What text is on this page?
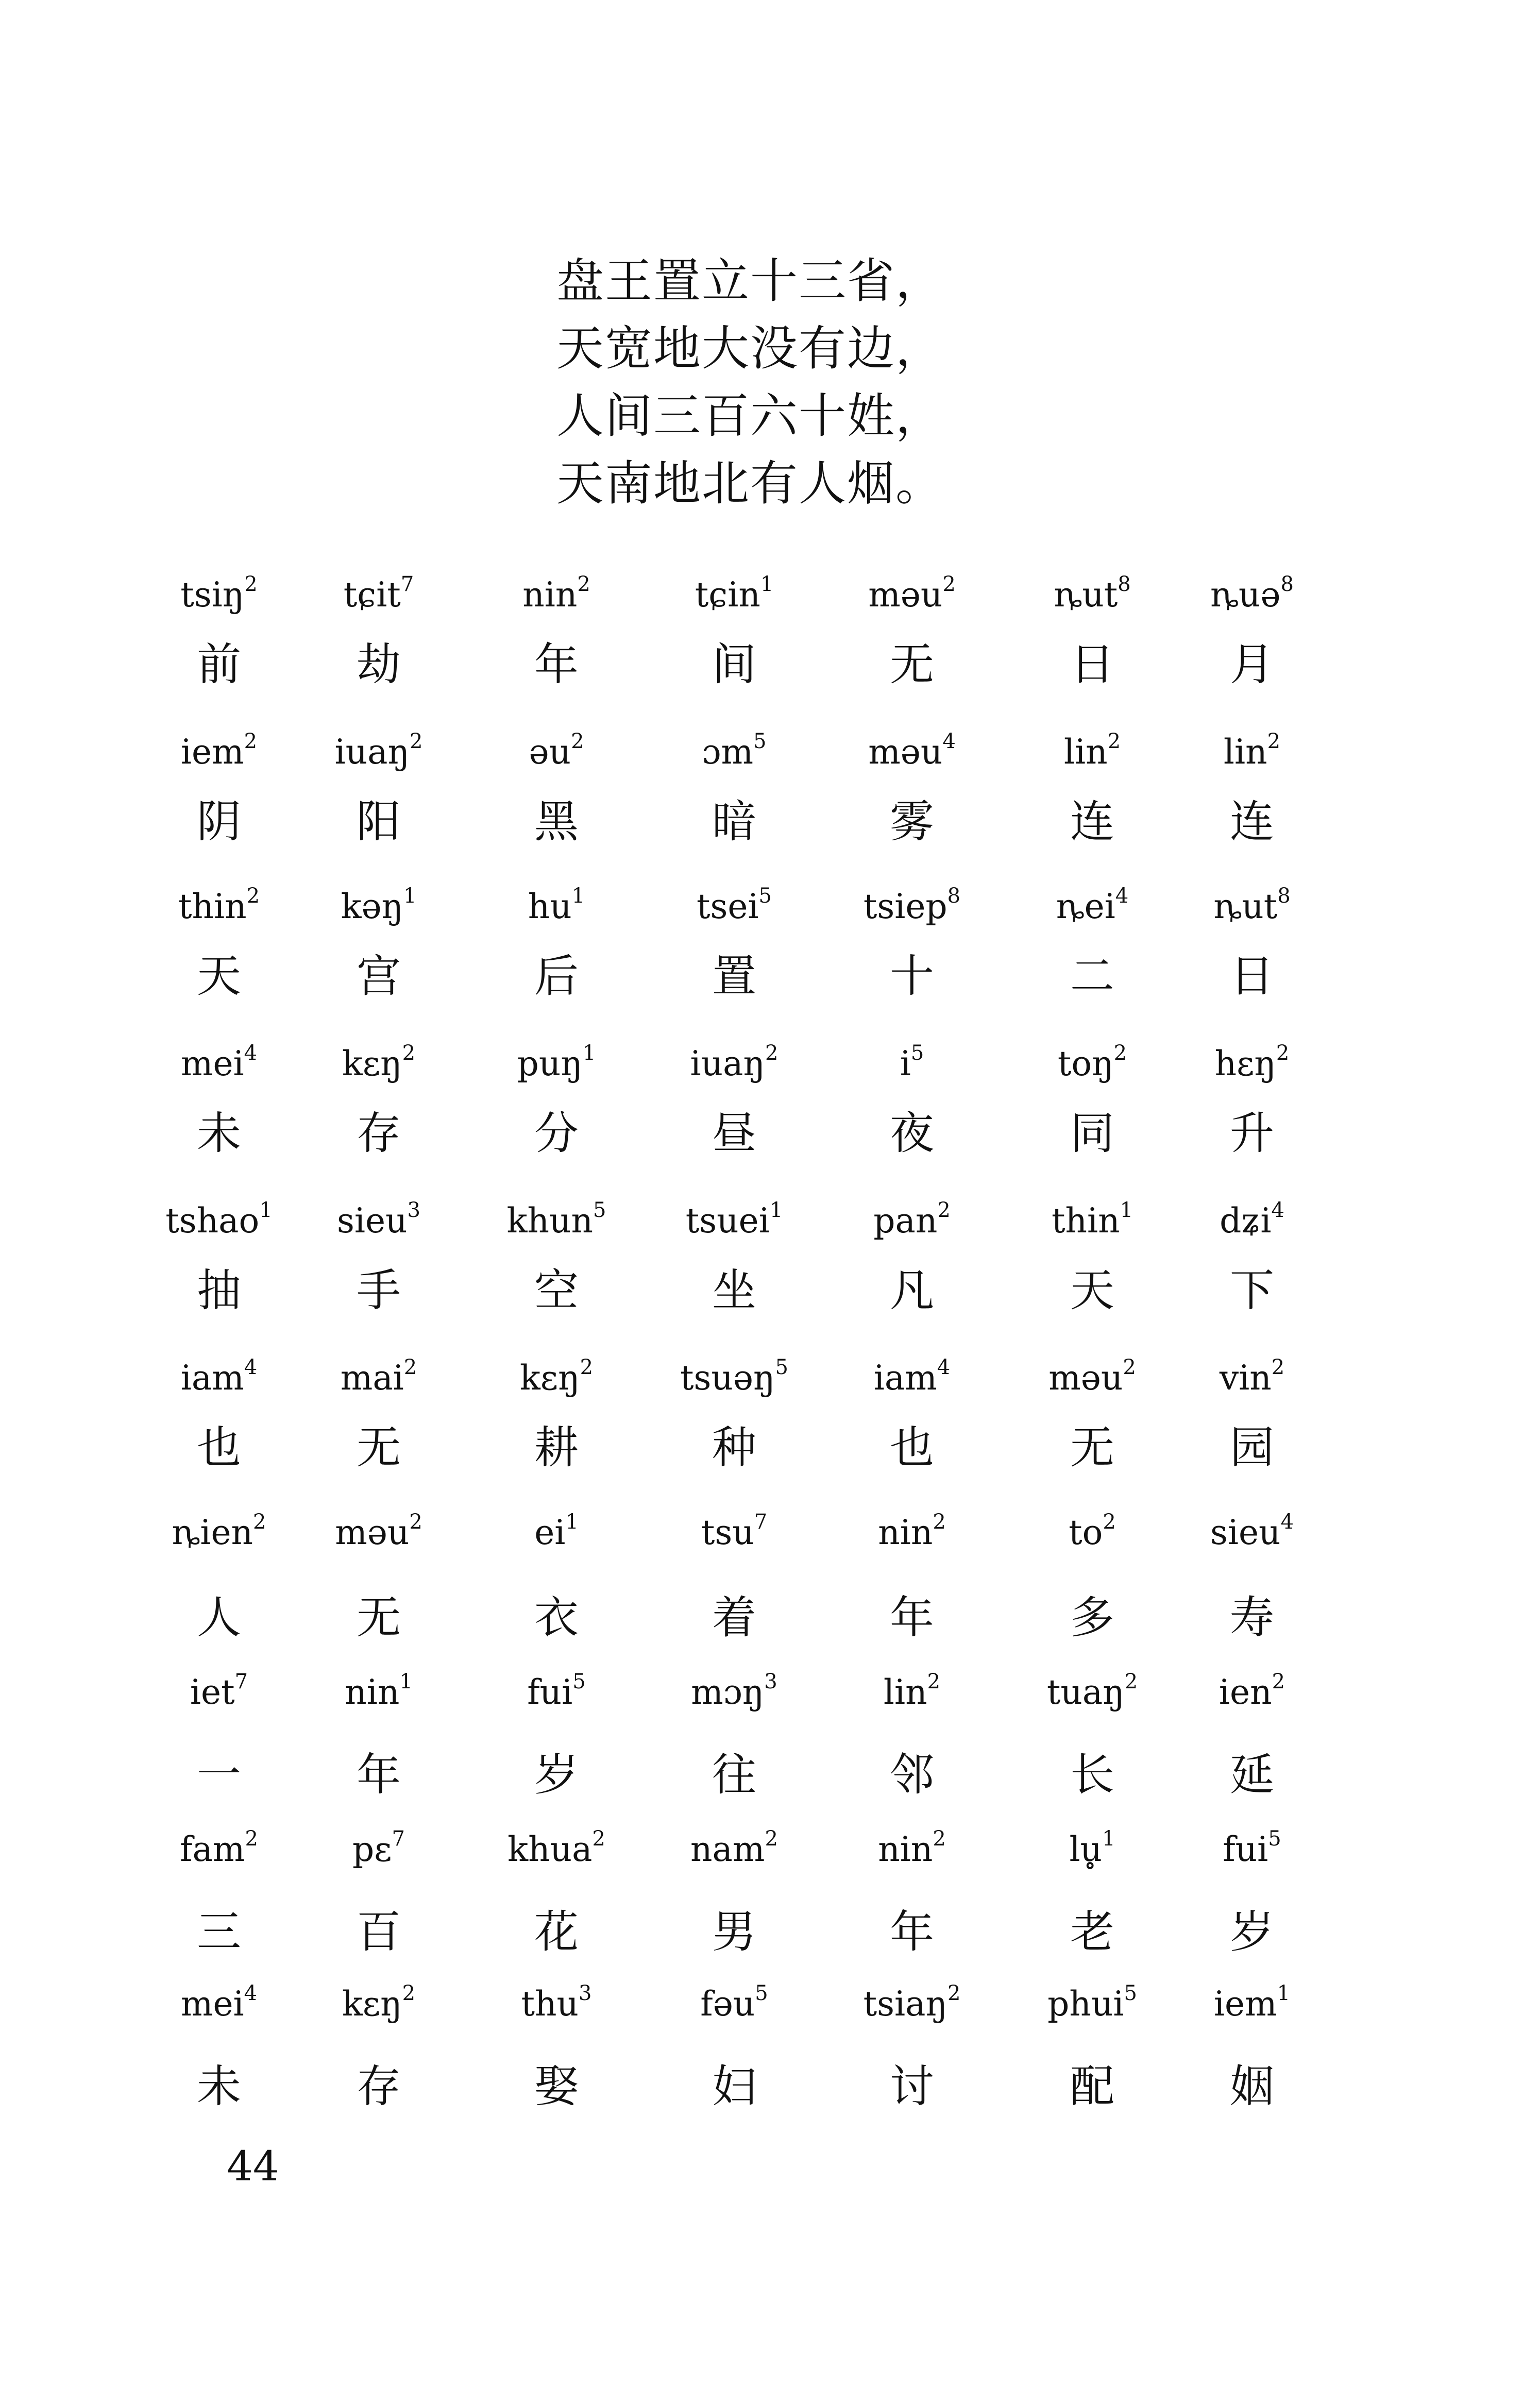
盘王置立十三省，
天宽地大没有边，
人间三百六十姓，
天南地北有人烟。
tsiŋ$^2$	tɕit$^7$	nin$^2$	tɕin$^1$	məu$^2$	ȵut$^8$	ȵuə$^8$
前	劫	年	间	无	日	月
iem$^2$	iuaŋ$^2$	əu$^2$	ɔm$^5$	məu$^4$	lin$^2$	lin$^2$
阴	阳	黑	暗	雾	连	连
thin$^2$	kəŋ$^1$	$hu^1$	tsei$^5$	tsiep$^8$	ȵei$^4$	ȵut$^8$
天	宫	后	置	十	二	日
mei$^4$	kɛŋ$^2$	puŋ$^1$	iuaŋ$^2$	$i^5$	toŋ$^2$	hɛŋ$^2$
未	存	分	昼	夜	同	升
tshao$^1$	sieu$^3$	khun$^5$	tsuei$^1$	pan$^2$	thin$^1$	dʑi$^4$
抽	手	空	坐	凡	天	下
iam$^4$	mai$^2$	kɛŋ$^2$	tsuəŋ$^5$	iam$^4$	məu$^2$	vin$^2$
也	无	耕	种	也	无	园
ȵien$^2$	məu$^2$	$ei^1$	tsu$^7$	nin$^2$	$to^2$	sieu$^4$
人	无	衣	着	年	多	寿
iet$^7$	nin$^1$	fui$^5$	mɔŋ$^3$	lin$^2$	tuaŋ$^2$	ien$^2$
一	年	岁	往	邻	长	延
fam$^2$	pɛ$^7$	khua$^2$	nam$^2$	nin$^2$	lu̥$^1$	fui$^5$
三	百	花	男	年	老	岁
mei$^4$	kɛŋ$^2$	thu$^3$	fəu$^5$	tsiaŋ$^2$	phui$^5$	iem$^1$
未	存	娶	妇	讨	配	姻
44
